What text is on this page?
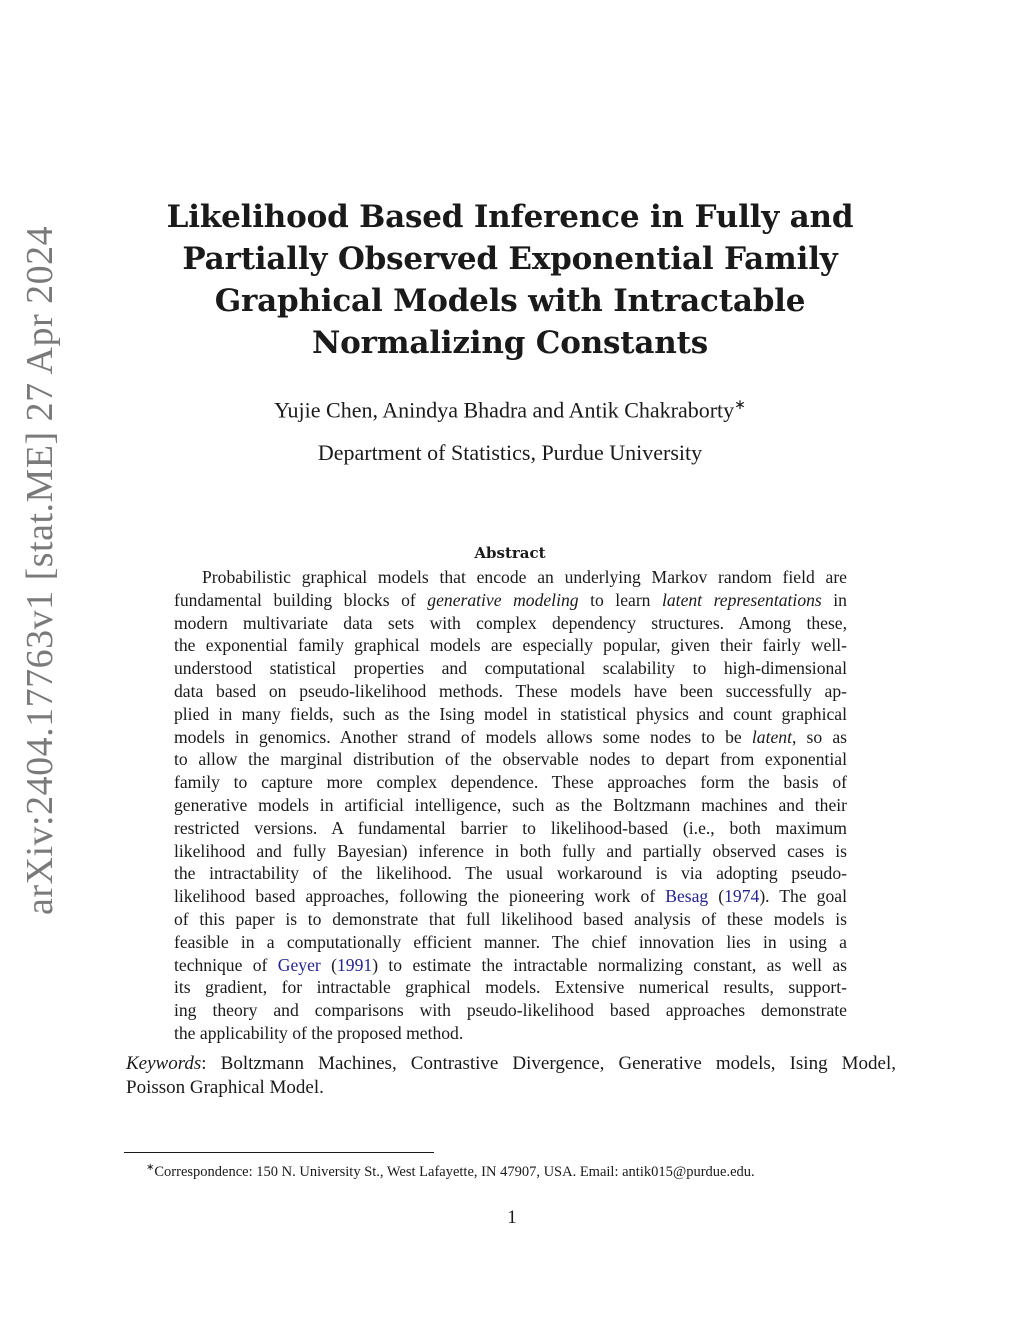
arXiv:2404.17763v1 [stat.ME] 27 Apr 2024
Likelihood Based Inference in Fully and
Partially Observed Exponential Family
Graphical Models with Intractable
Normalizing Constants
Yujie Chen, Anindya Bhadra and Antik Chakraborty∗
Department of Statistics, Purdue University
Abstract
Probabilistic graphical models that encode an underlying Markov random field are
fundamental building blocks of generative modeling to learn latent representations in
modern multivariate data sets with complex dependency structures. Among these,
the exponential family graphical models are especially popular, given their fairly well-
understood statistical properties and computational scalability to high-dimensional
data based on pseudo-likelihood methods. These models have been successfully ap-
plied in many fields, such as the Ising model in statistical physics and count graphical
models in genomics. Another strand of models allows some nodes to be latent, so as
to allow the marginal distribution of the observable nodes to depart from exponential
family to capture more complex dependence. These approaches form the basis of
generative models in artificial intelligence, such as the Boltzmann machines and their
restricted versions. A fundamental barrier to likelihood-based (i.e., both maximum
likelihood and fully Bayesian) inference in both fully and partially observed cases is
the intractability of the likelihood. The usual workaround is via adopting pseudo-
likelihood based approaches, following the pioneering work of Besag (1974). The goal
of this paper is to demonstrate that full likelihood based analysis of these models is
feasible in a computationally efficient manner. The chief innovation lies in using a
technique of Geyer (1991) to estimate the intractable normalizing constant, as well as
its gradient, for intractable graphical models. Extensive numerical results, support-
ing theory and comparisons with pseudo-likelihood based approaches demonstrate
the applicability of the proposed method.
Keywords: Boltzmann Machines, Contrastive Divergence, Generative models, Ising Model,
Poisson Graphical Model.
∗Correspondence: 150 N. University St., West Lafayette, IN 47907, USA. Email: antik015@purdue.edu.
1
